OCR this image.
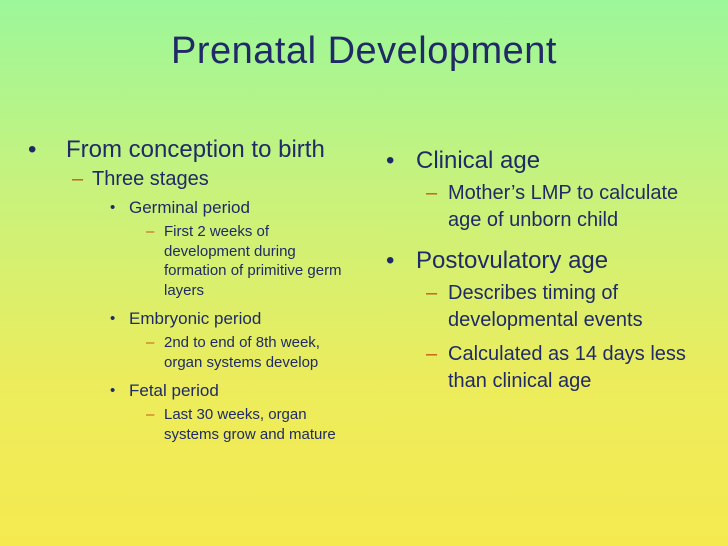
Prenatal Development
• From conception to birth
– Three stages
• Germinal period
– First 2 weeks of development during formation of primitive germ layers
• Embryonic period
– 2nd to end of 8th week, organ systems develop
• Fetal period
– Last 30 weeks, organ systems grow and mature
• Clinical age
– Mother’s LMP to calculate age of unborn child
• Postovulatory age
– Describes timing of developmental events
– Calculated as 14 days less than clinical age
